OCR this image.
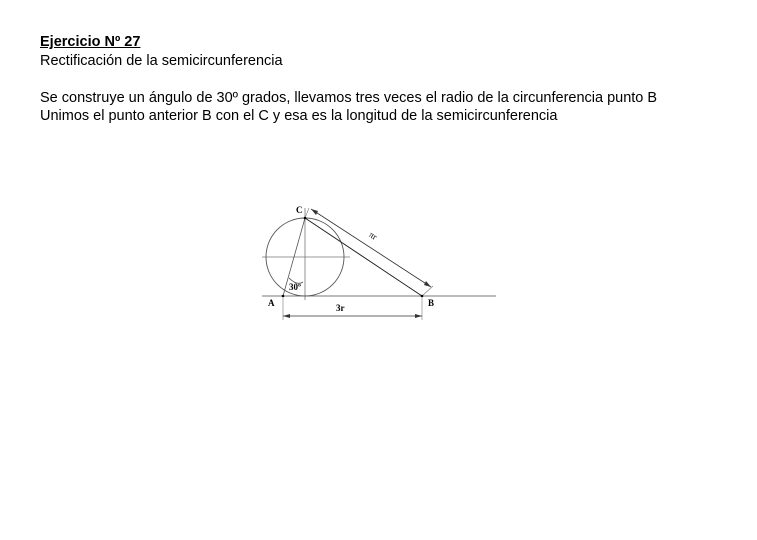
Ejercicio Nº 27
Rectificación de la semicircunferencia
Se construye un ángulo de 30º grados, llevamos tres veces el radio de la circunferencia punto B
Unimos el punto anterior B con el C y esa es la longitud de la semicircunferencia
C
A	B
30º
πr
3r
